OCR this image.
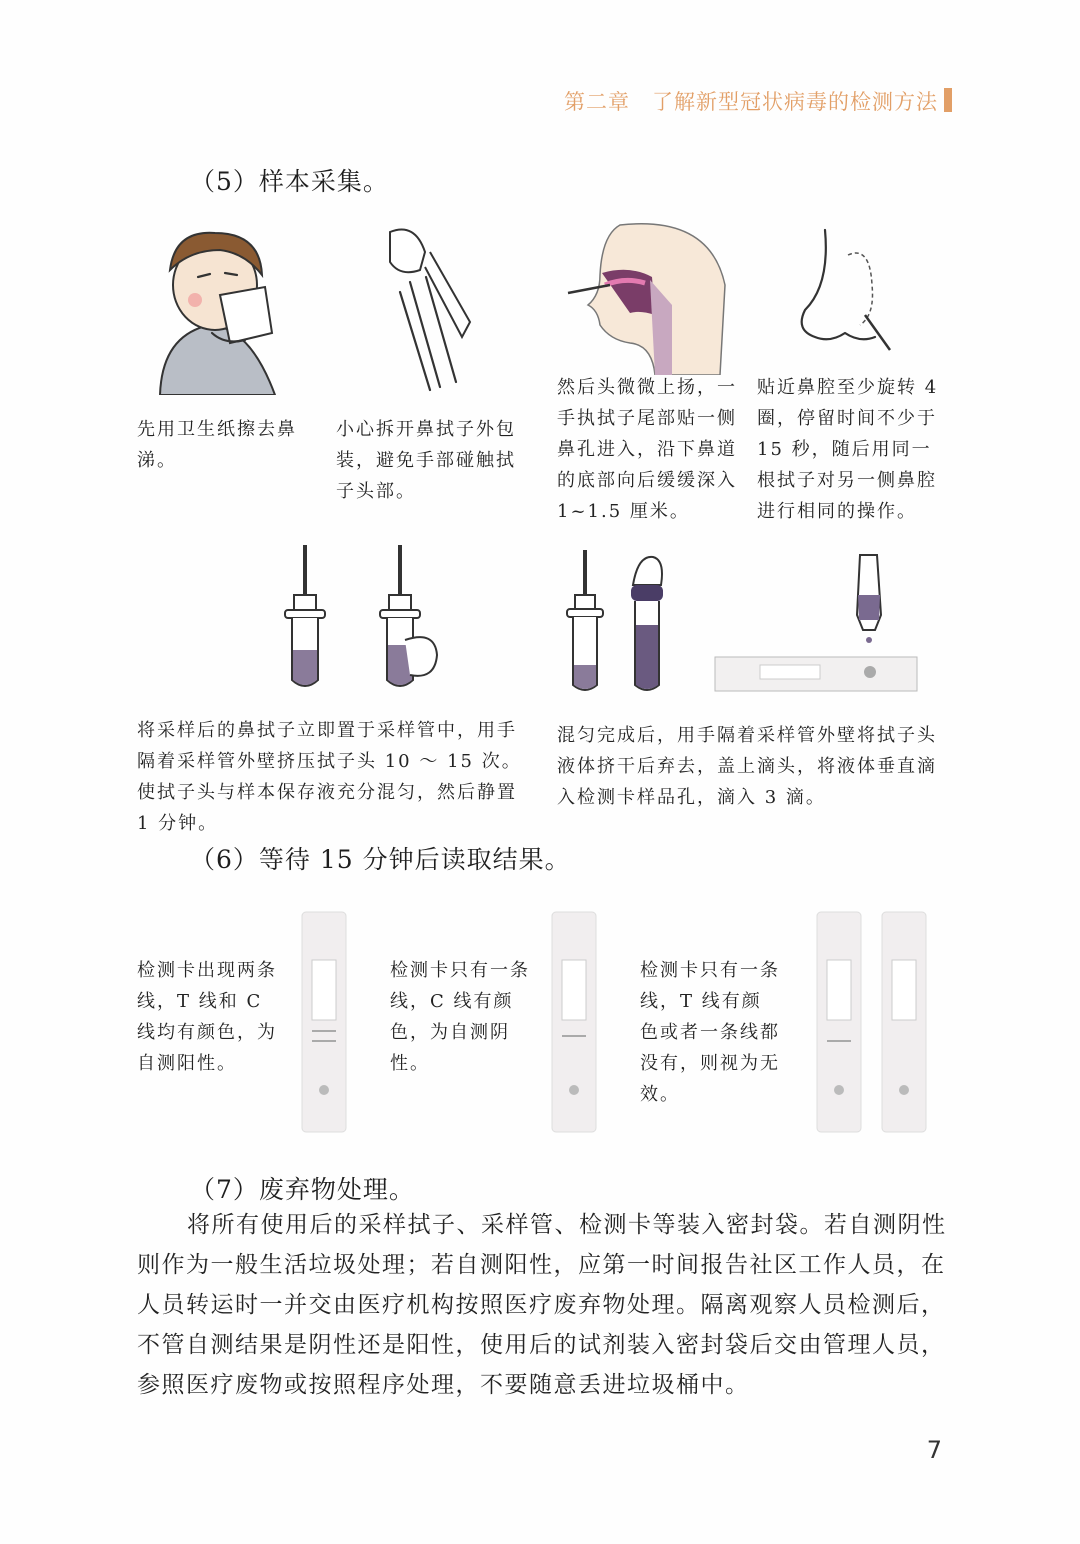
第二章 了解新型冠状病毒的检测方法
（5）样本采集。
先用卫生纸擦去鼻涕。
小心拆开鼻拭子外包装，避免手部碰触拭子头部。
然后头微微上扬，一手执拭子尾部贴一侧鼻孔进入，沿下鼻道的底部向后缓缓深入 1~1.5 厘米。
贴近鼻腔至少旋转 4 圈，停留时间不少于 15 秒，随后用同一根拭子对另一侧鼻腔进行相同的操作。
将采样后的鼻拭子立即置于采样管中，用手隔着采样管外壁挤压拭子头 10 ～ 15 次。使拭子头与样本保存液充分混匀，然后静置 1 分钟。
混匀完成后，用手隔着采样管外壁将拭子头液体挤干后弃去，盖上滴头，将液体垂直滴入检测卡样品孔，滴入 3 滴。
（6）等待 15 分钟后读取结果。
检测卡出现两条线，T 线和 C线均有颜色，为自测阳性。
检测卡只有一条线，C 线有颜色，为自测阴性。
检测卡只有一条线，T 线有颜色或者一条线都没有，则视为无效。
（7）废弃物处理。
将所有使用后的采样拭子、采样管、检测卡等装入密封袋。若自测阴性则作为一般生活垃圾处理；若自测阳性，应第一时间报告社区工作人员，在人员转运时一并交由医疗机构按照医疗废弃物处理。隔离观察人员检测后，不管自测结果是阴性还是阳性，使用后的试剂装入密封袋后交由管理人员，参照医疗废物或按照程序处理，不要随意丢进垃圾桶中。
7
